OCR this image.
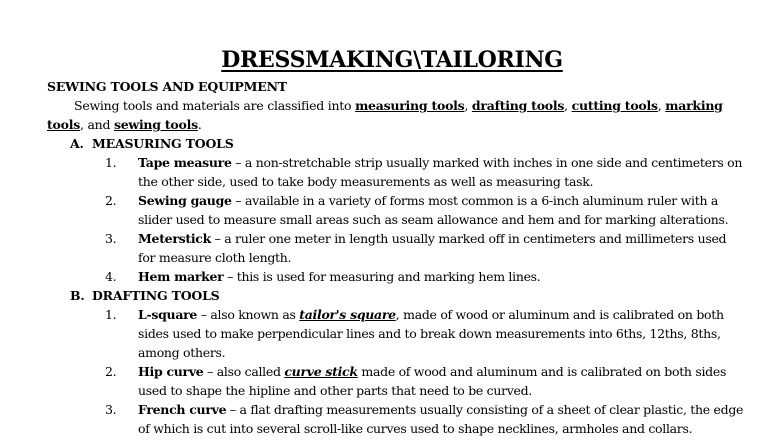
DRESSMAKING\TAILORING
SEWING TOOLS AND EQUIPMENT
Sewing tools and materials are classified into measuring tools, drafting tools, cutting tools, marking tools, and sewing tools.
A. MEASURING TOOLS
1.	Tape measure – a non-stretchable strip usually marked with inches in one side and centimeters on the other side, used to take body measurements as well as measuring task.
2.	Sewing gauge – available in a variety of forms most common is a 6-inch aluminum ruler with a slider used to measure small areas such as seam allowance and hem and for marking alterations.
3.	Meterstick – a ruler one meter in length usually marked off in centimeters and millimeters used for measure cloth length.
4.	Hem marker – this is used for measuring and marking hem lines.
B. DRAFTING TOOLS
1.	L-square – also known as tailor's square, made of wood or aluminum and is calibrated on both sides used to make perpendicular lines and to break down measurements into 6ths, 12ths, 8ths, among others.
2.	Hip curve – also called curve stick made of wood and aluminum and is calibrated on both sides used to shape the hipline and other parts that need to be curved.
3.	French curve – a flat drafting measurements usually consisting of a sheet of clear plastic, the edge of which is cut into several scroll-like curves used to shape necklines, armholes and collars.
